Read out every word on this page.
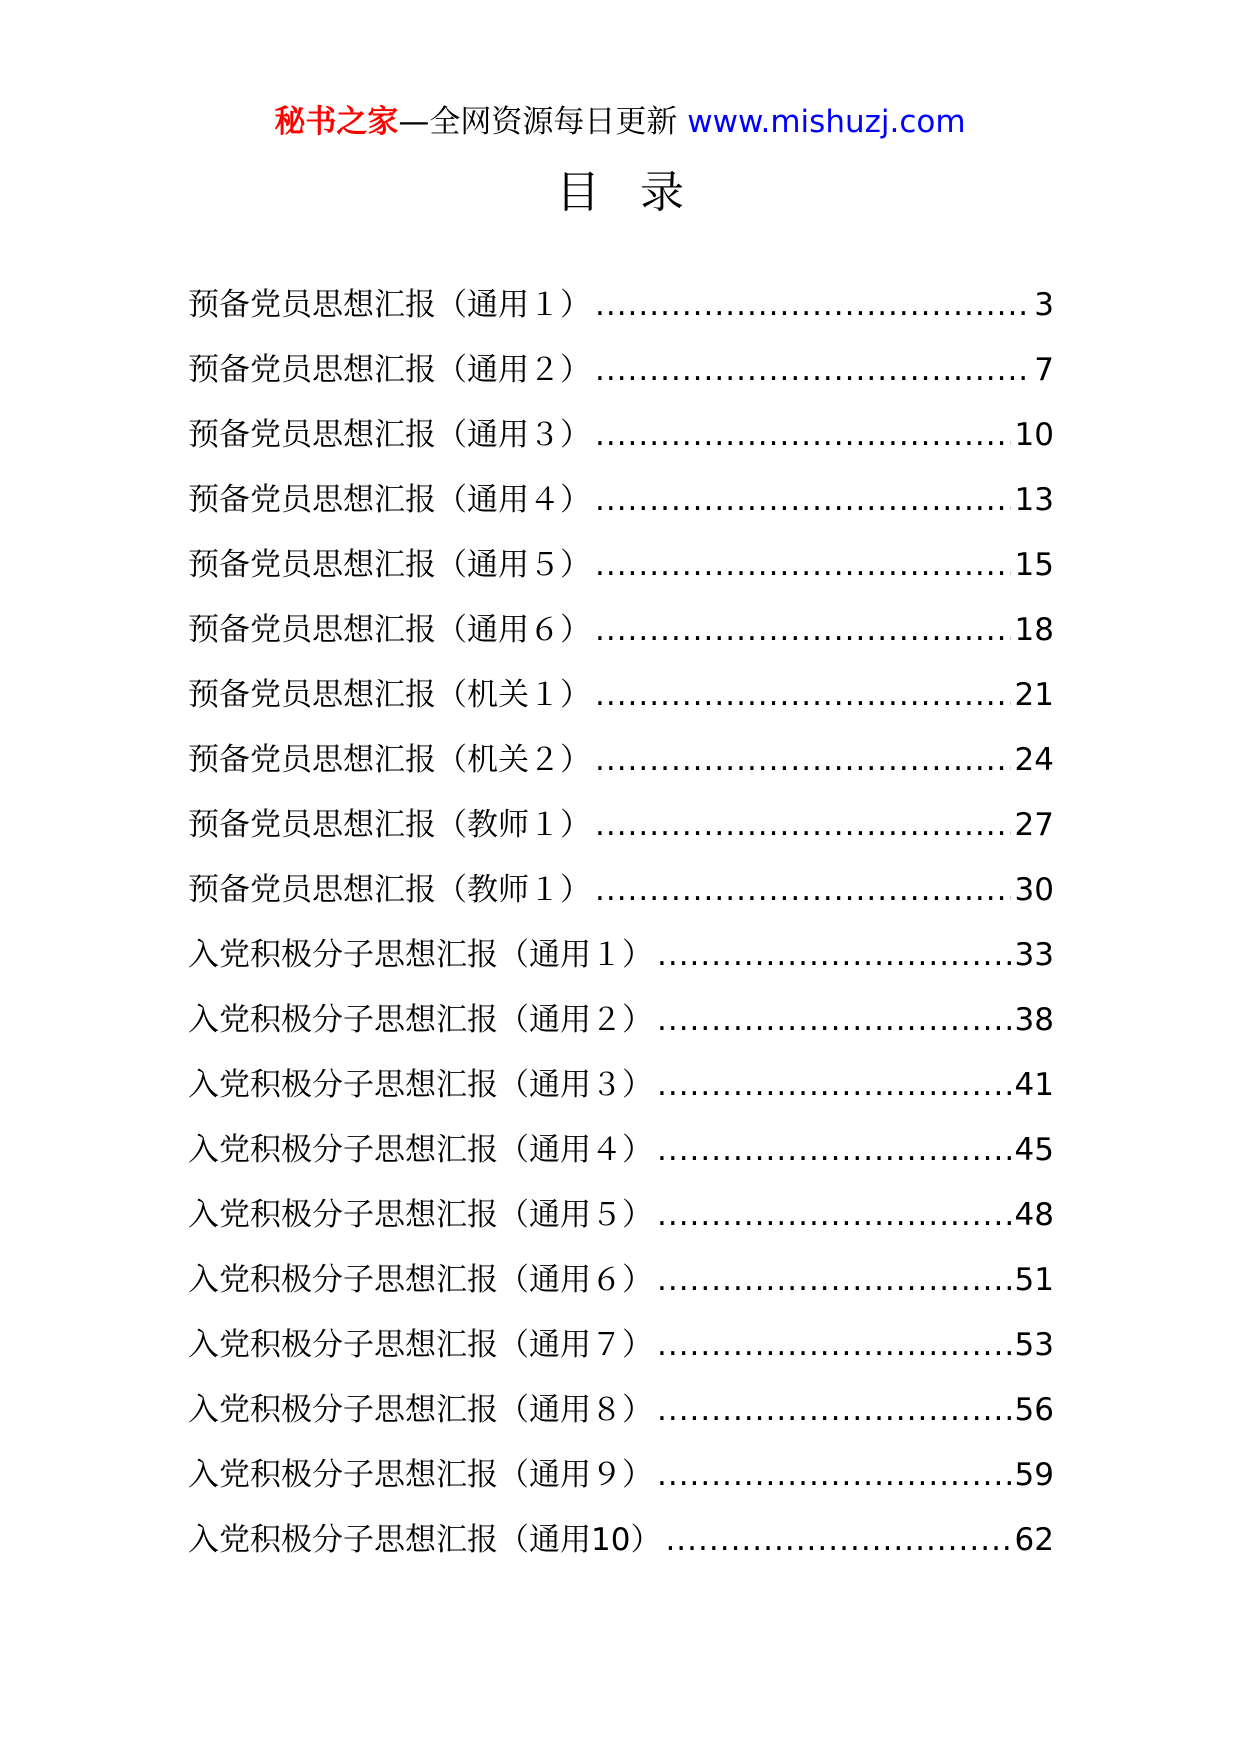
秘书之家—全网资源每日更新 www.mishuzj.com
目录
预备党员思想汇报（通用１） .....	3
预备党员思想汇报（通用２） .....	7
预备党员思想汇报（通用３） .....	10
预备党员思想汇报（通用４） .....	13
预备党员思想汇报（通用５） .....	15
预备党员思想汇报（通用６） .....	18
预备党员思想汇报（机关１） .....	21
预备党员思想汇报（机关２） .....	24
预备党员思想汇报（教师１） .....	27
预备党员思想汇报（教师１） .....	30
入党积极分子思想汇报（通用１） .....	33
入党积极分子思想汇报（通用２） .....	38
入党积极分子思想汇报（通用３） .....	41
入党积极分子思想汇报（通用４） .....	45
入党积极分子思想汇报（通用５） .....	48
入党积极分子思想汇报（通用６） .....	51
入党积极分子思想汇报（通用７） .....	53
入党积极分子思想汇报（通用８） .....	56
入党积极分子思想汇报（通用９） .....	59
入党积极分子思想汇报（通用10） .....	62
